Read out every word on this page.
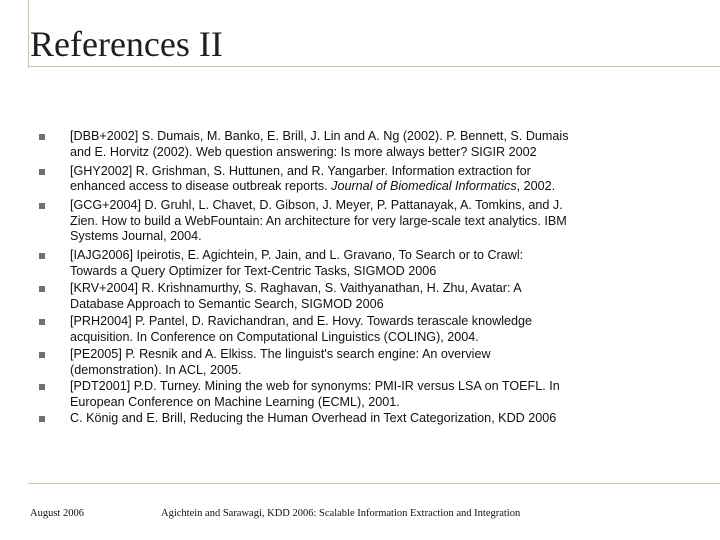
References II
[DBB+2002] S. Dumais, M. Banko, E. Brill, J. Lin and A. Ng (2002). P. Bennett, S. Dumais
and E. Horvitz (2002). Web question answering: Is more always better? SIGIR 2002
[GHY2002] R. Grishman, S. Huttunen, and R. Yangarber. Information extraction for
enhanced access to disease outbreak reports. Journal of Biomedical Informatics, 2002.
[GCG+2004] D. Gruhl, L. Chavet, D. Gibson, J. Meyer, P. Pattanayak, A. Tomkins, and J.
Zien. How to build a WebFountain: An architecture for very large-scale text analytics. IBM
Systems Journal, 2004.
[IAJG2006] Ipeirotis, E. Agichtein, P. Jain, and L. Gravano, To Search or to Crawl:
Towards a Query Optimizer for Text-Centric Tasks, SIGMOD 2006
[KRV+2004] R. Krishnamurthy, S. Raghavan, S. Vaithyanathan, H. Zhu, Avatar: A
Database Approach to Semantic Search, SIGMOD 2006
[PRH2004] P. Pantel, D. Ravichandran, and E. Hovy. Towards terascale knowledge
acquisition. In Conference on Computational Linguistics (COLING), 2004.
[PE2005] P. Resnik and A. Elkiss. The linguist's search engine: An overview
(demonstration). In ACL, 2005.
[PDT2001] P.D. Turney. Mining the web for synonyms: PMI-IR versus LSA on TOEFL. In
European Conference on Machine Learning (ECML), 2001.
C. König and E. Brill, Reducing the Human Overhead in Text Categorization, KDD 2006
August 2006	Agichtein and Sarawagi, KDD 2006: Scalable Information Extraction and Integration
